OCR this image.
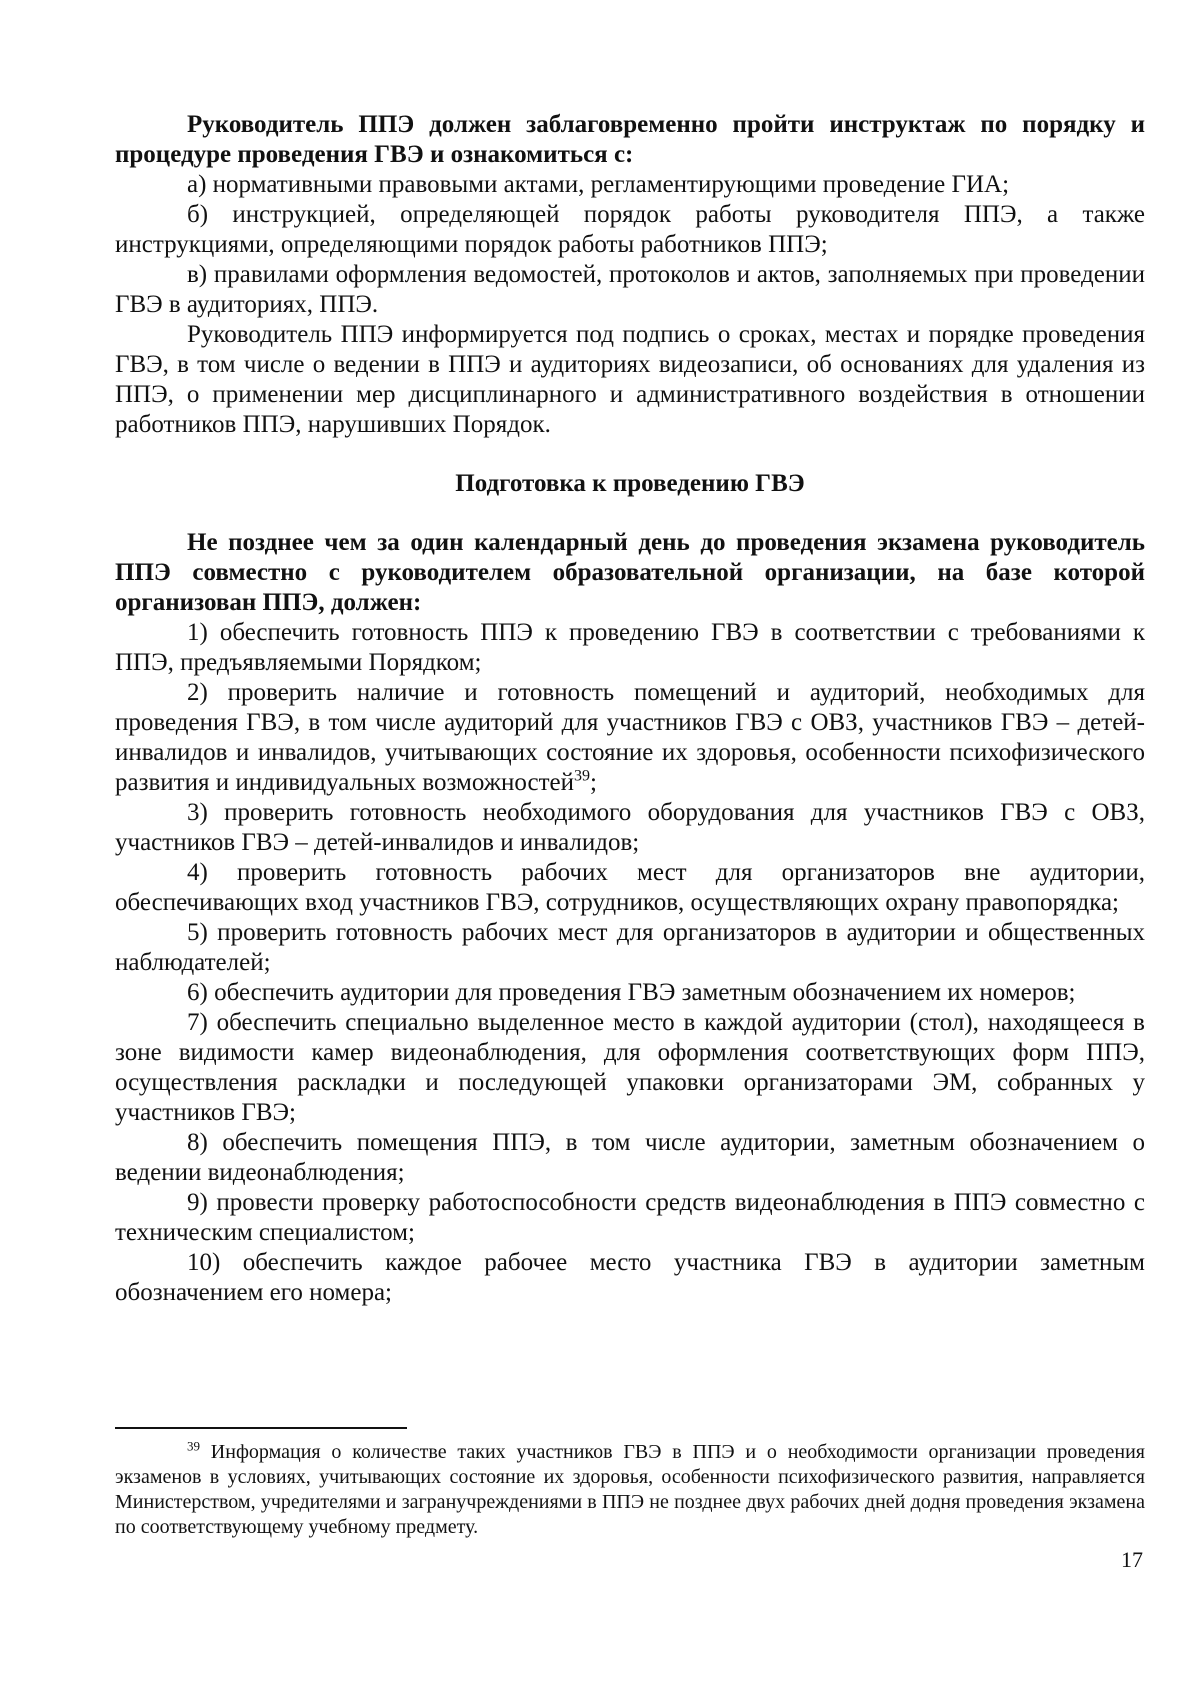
Руководитель ППЭ должен заблаговременно пройти инструктаж по порядку и процедуре проведения ГВЭ и ознакомиться с:

а) нормативными правовыми актами, регламентирующими проведение ГИА;

б) инструкцией, определяющей порядок работы руководителя ППЭ, а также инструкциями, определяющими порядок работы работников ППЭ;

в) правилами оформления ведомостей, протоколов и актов, заполняемых при проведении ГВЭ в аудиториях, ППЭ.

Руководитель ППЭ информируется под подпись о сроках, местах и порядке проведения ГВЭ, в том числе о ведении в ППЭ и аудиториях видеозаписи, об основаниях для удаления из ППЭ, о применении мер дисциплинарного и административного воздействия в отношении работников ППЭ, нарушивших Порядок.

Подготовка к проведению ГВЭ

Не позднее чем за один календарный день до проведения экзамена руководитель ППЭ совместно с руководителем образовательной организации, на базе которой организован ППЭ, должен:

1) обеспечить готовность ППЭ к проведению ГВЭ в соответствии с требованиями к ППЭ, предъявляемыми Порядком;

2) проверить наличие и готовность помещений и аудиторий, необходимых для проведения ГВЭ, в том числе аудиторий для участников ГВЭ с ОВЗ, участников ГВЭ – детей-инвалидов и инвалидов, учитывающих состояние их здоровья, особенности психофизического развития и индивидуальных возможностей$^{39}$;

3) проверить готовность необходимого оборудования для участников ГВЭ с ОВЗ, участников ГВЭ – детей-инвалидов и инвалидов;

4) проверить готовность рабочих мест для организаторов вне аудитории, обеспечивающих вход участников ГВЭ, сотрудников, осуществляющих охрану правопорядка;

5) проверить готовность рабочих мест для организаторов в аудитории и общественных наблюдателей;

6) обеспечить аудитории для проведения ГВЭ заметным обозначением их номеров;

7) обеспечить специально выделенное место в каждой аудитории (стол), находящееся в зоне видимости камер видеонаблюдения, для оформления соответствующих форм ППЭ, осуществления раскладки и последующей упаковки организаторами ЭМ, собранных у участников ГВЭ;

8) обеспечить помещения ППЭ, в том числе аудитории, заметным обозначением о ведении видеонаблюдения;

9) провести проверку работоспособности средств видеонаблюдения в ППЭ совместно с техническим специалистом;

10) обеспечить каждое рабочее место участника ГВЭ в аудитории заметным обозначением его номера;

$^{39}$ Информация о количестве таких участников ГВЭ в ППЭ и о необходимости организации проведения экзаменов в условиях, учитывающих состояние их здоровья, особенности психофизического развития, направляется Министерством, учредителями и загранучреждениями в ППЭ не позднее двух рабочих дней додня проведения экзамена по соответствующему учебному предмету.

17
